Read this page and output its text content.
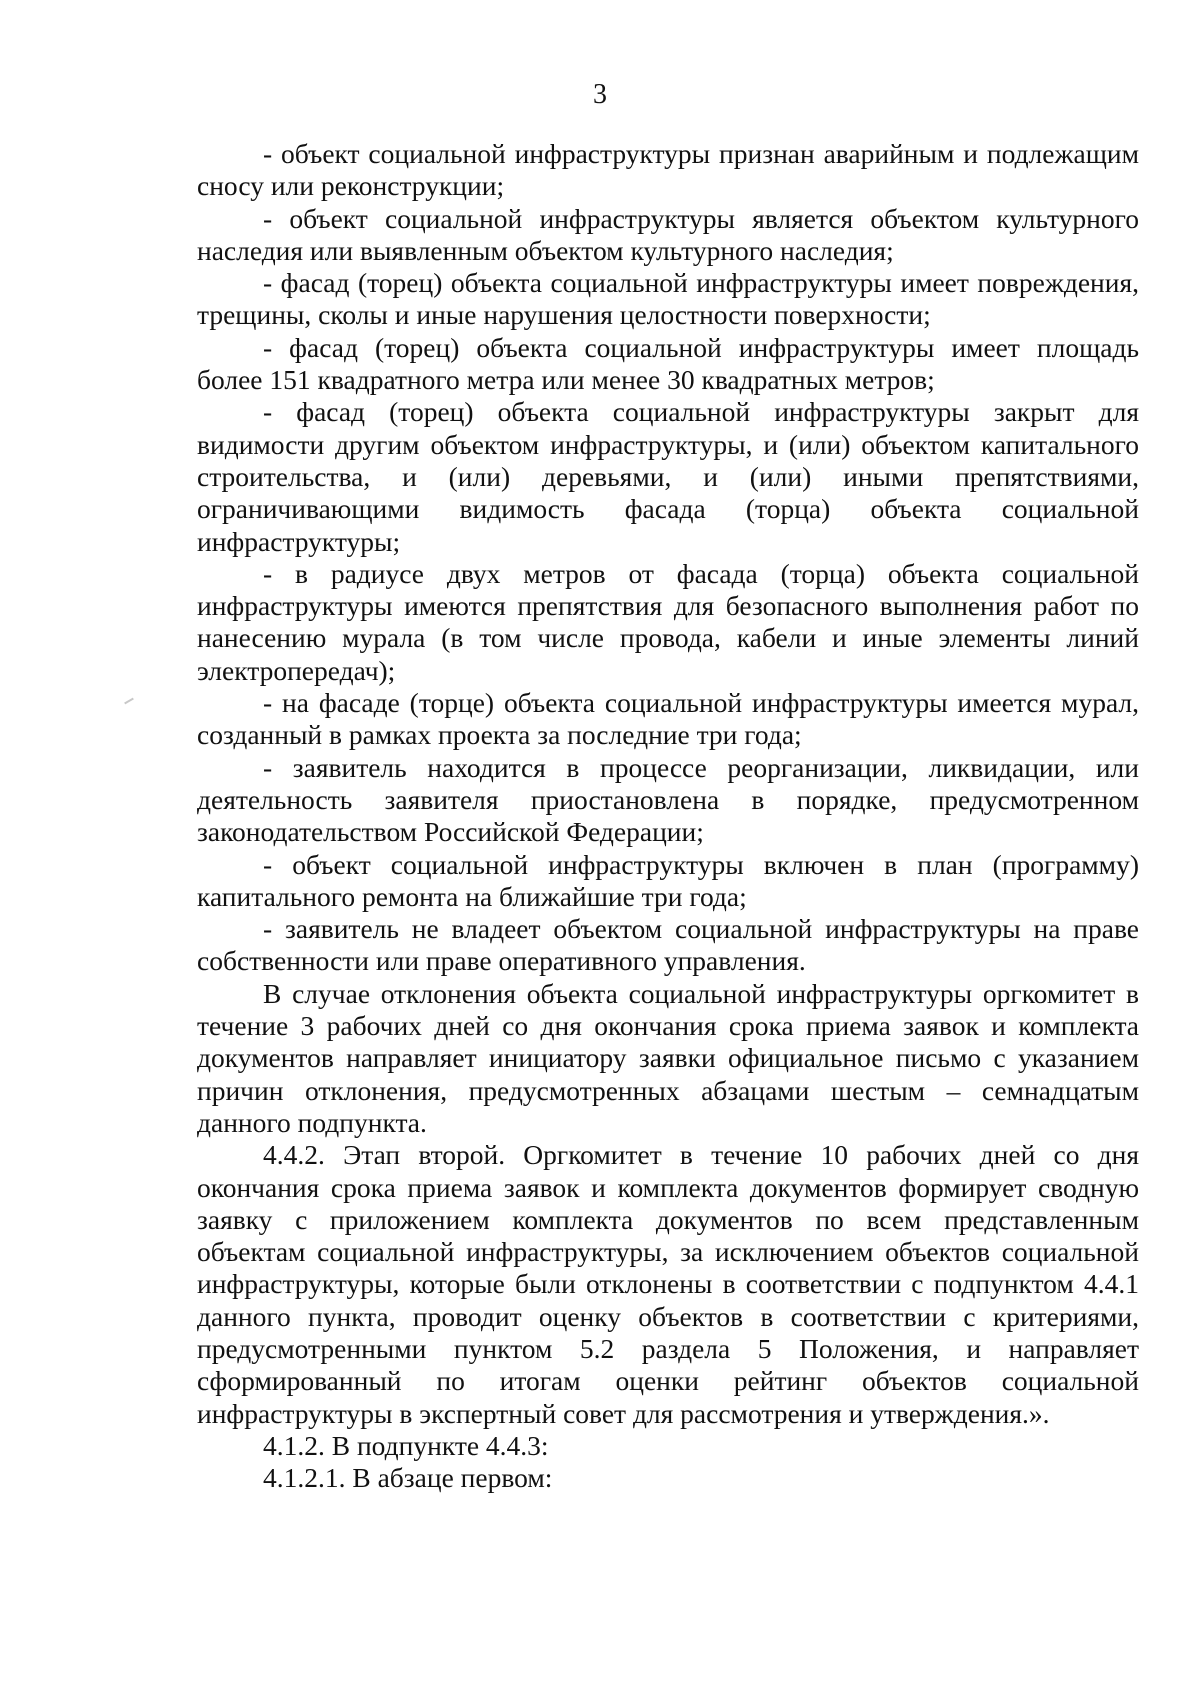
3

- объект социальной инфраструктуры признан аварийным и подлежащим сносу или реконструкции;

- объект социальной инфраструктуры является объектом культурного наследия или выявленным объектом культурного наследия;

- фасад (торец) объекта социальной инфраструктуры имеет повреждения, трещины, сколы и иные нарушения целостности поверхности;

- фасад (торец) объекта социальной инфраструктуры имеет площадь более 151 квадратного метра или менее 30 квадратных метров;

- фасад (торец) объекта социальной инфраструктуры закрыт для видимости другим объектом инфраструктуры, и (или) объектом капитального строительства, и (или) деревьями, и (или) иными препятствиями, ограничивающими видимость фасада (торца) объекта социальной инфраструктуры;

- в радиусе двух метров от фасада (торца) объекта социальной инфраструктуры имеются препятствия для безопасного выполнения работ по нанесению мурала (в том числе провода, кабели и иные элементы линий электропередач);

- на фасаде (торце) объекта социальной инфраструктуры имеется мурал, созданный в рамках проекта за последние три года;

- заявитель находится в процессе реорганизации, ликвидации, или деятельность заявителя приостановлена в порядке, предусмотренном законодательством Российской Федерации;

- объект социальной инфраструктуры включен в план (программу) капитального ремонта на ближайшие три года;

- заявитель не владеет объектом социальной инфраструктуры на праве собственности или праве оперативного управления.

В случае отклонения объекта социальной инфраструктуры оргкомитет в течение 3 рабочих дней со дня окончания срока приема заявок и комплекта документов направляет инициатору заявки официальное письмо с указанием причин отклонения, предусмотренных абзацами шестым – семнадцатым данного подпункта.

4.4.2. Этап второй. Оргкомитет в течение 10 рабочих дней со дня окончания срока приема заявок и комплекта документов формирует сводную заявку с приложением комплекта документов по всем представленным объектам социальной инфраструктуры, за исключением объектов социальной инфраструктуры, которые были отклонены в соответствии с подпунктом 4.4.1 данного пункта, проводит оценку объектов в соответствии с критериями, предусмотренными пунктом 5.2 раздела 5 Положения, и направляет сформированный по итогам оценки рейтинг объектов социальной инфраструктуры в экспертный совет для рассмотрения и утверждения.».

4.1.2. В подпункте 4.4.3:

4.1.2.1. В абзаце первом:
